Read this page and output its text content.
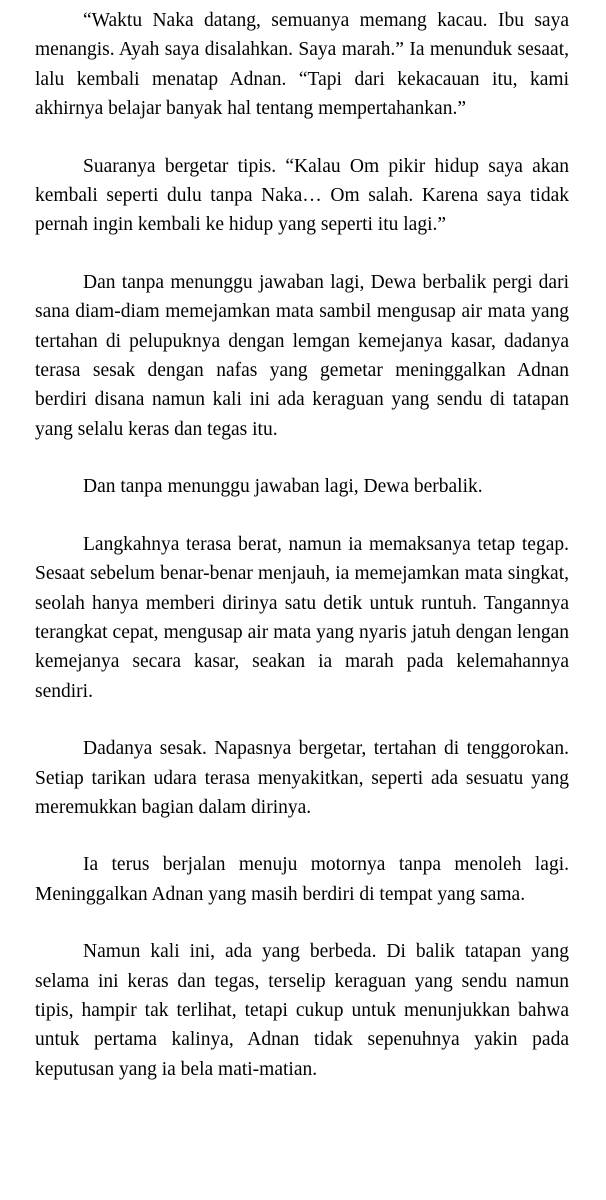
“Waktu Naka datang, semuanya memang kacau. Ibu saya menangis. Ayah saya disalahkan. Saya marah.” Ia menunduk sesaat, lalu kembali menatap Adnan. “Tapi dari kekacauan itu, kami akhirnya belajar banyak hal tentang mempertahankan.”

Suaranya bergetar tipis. “Kalau Om pikir hidup saya akan kembali seperti dulu tanpa Naka… Om salah. Karena saya tidak pernah ingin kembali ke hidup yang seperti itu lagi.”

Dan tanpa menunggu jawaban lagi, Dewa berbalik pergi dari sana diam-diam memejamkan mata sambil mengusap air mata yang tertahan di pelupuknya dengan lemgan kemejanya kasar, dadanya terasa sesak dengan nafas yang gemetar meninggalkan Adnan berdiri disana namun kali ini ada keraguan yang sendu di tatapan yang selalu keras dan tegas itu.

Dan tanpa menunggu jawaban lagi, Dewa berbalik.

Langkahnya terasa berat, namun ia memaksanya tetap tegap. Sesaat sebelum benar-benar menjauh, ia memejamkan mata singkat, seolah hanya memberi dirinya satu detik untuk runtuh. Tangannya terangkat cepat, mengusap air mata yang nyaris jatuh dengan lengan kemejanya secara kasar, seakan ia marah pada kelemahannya sendiri.

Dadanya sesak. Napasnya bergetar, tertahan di tenggorokan. Setiap tarikan udara terasa menyakitkan, seperti ada sesuatu yang meremukkan bagian dalam dirinya.

Ia terus berjalan menuju motornya tanpa menoleh lagi. Meninggalkan Adnan yang masih berdiri di tempat yang sama.

Namun kali ini, ada yang berbeda. Di balik tatapan yang selama ini keras dan tegas, terselip keraguan yang sendu namun tipis, hampir tak terlihat, tetapi cukup untuk menunjukkan bahwa untuk pertama kalinya, Adnan tidak sepenuhnya yakin pada keputusan yang ia bela mati-matian.
